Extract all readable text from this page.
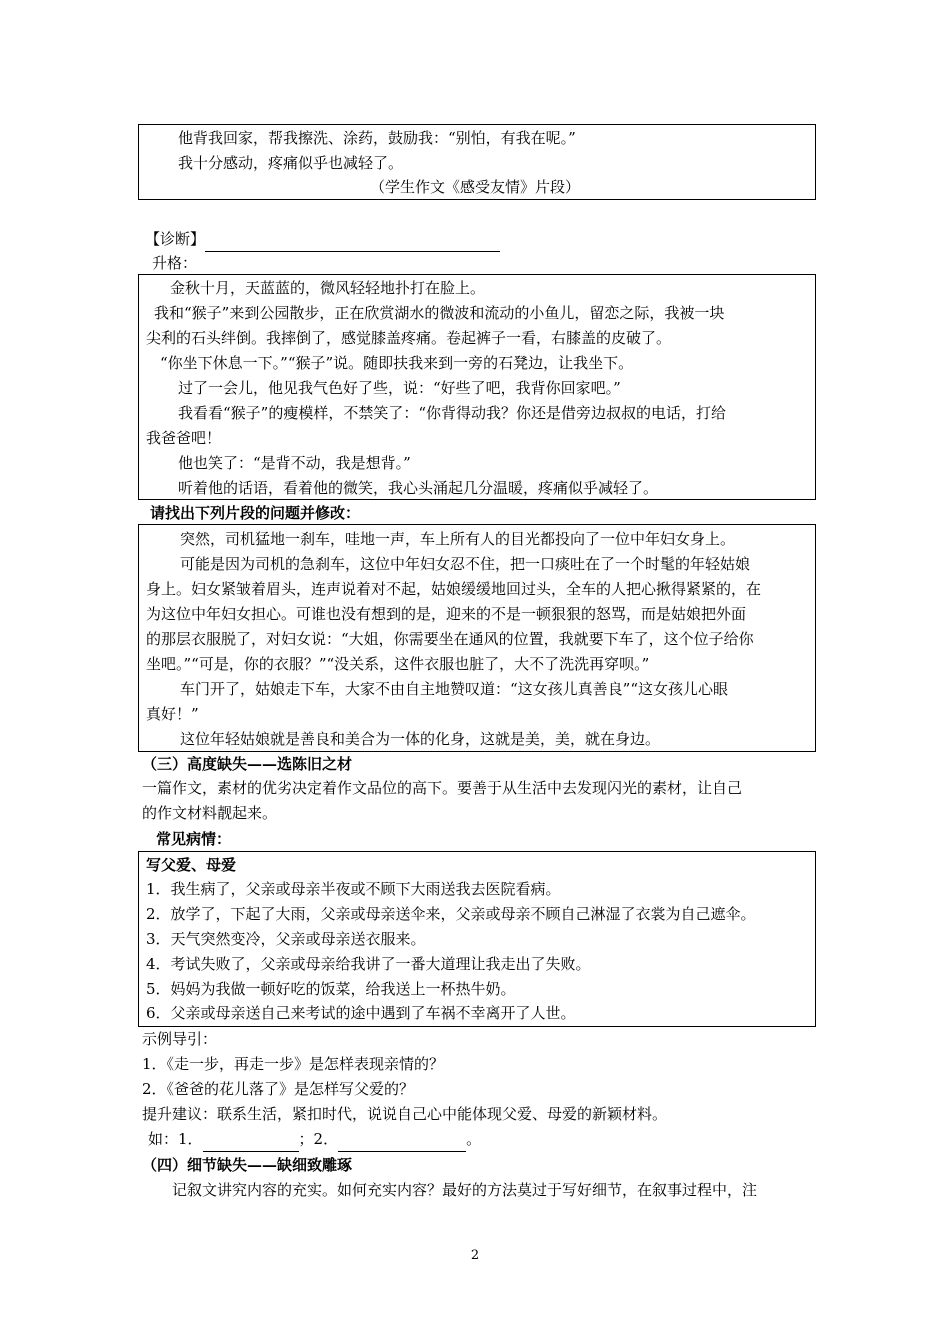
他背我回家，帮我擦洗、涂药，鼓励我：“别怕，有我在呢。”
我十分感动，疼痛似乎也减轻了。
（学生作文《感受友情》片段）
【诊断】
升格：
金秋十月，天蓝蓝的，微风轻轻地扑打在脸上。
我和“猴子”来到公园散步，正在欣赏湖水的微波和流动的小鱼儿，留恋之际，我被一块
尖利的石头绊倒。我摔倒了，感觉膝盖疼痛。卷起裤子一看，右膝盖的皮破了。
“你坐下休息一下。”“猴子”说。随即扶我来到一旁的石凳边，让我坐下。
过了一会儿，他见我气色好了些，说：“好些了吧，我背你回家吧。”
我看看“猴子”的瘦模样，不禁笑了：“你背得动我？你还是借旁边叔叔的电话，打给
我爸爸吧！
他也笑了：“是背不动，我是想背。”
听着他的话语，看着他的微笑，我心头涌起几分温暖，疼痛似乎减轻了。
请找出下列片段的问题并修改：
突然，司机猛地一刹车，哇地一声，车上所有人的目光都投向了一位中年妇女身上。
可能是因为司机的急刹车，这位中年妇女忍不住，把一口痰吐在了一个时髦的年轻姑娘
身上。妇女紧皱着眉头，连声说着对不起，姑娘缓缓地回过头，全车的人把心揪得紧紧的，在
为这位中年妇女担心。可谁也没有想到的是，迎来的不是一顿狠狠的怒骂，而是姑娘把外面
的那层衣服脱了，对妇女说：“大姐，你需要坐在通风的位置，我就要下车了，这个位子给你
坐吧。”“可是，你的衣服？”“没关系，这件衣服也脏了，大不了洗洗再穿呗。”
车门开了，姑娘走下车，大家不由自主地赞叹道：“这女孩儿真善良”“这女孩儿心眼
真好！”
这位年轻姑娘就是善良和美合为一体的化身，这就是美，美，就在身边。
（三）高度缺失——选陈旧之材
一篇作文，素材的优劣决定着作文品位的高下。要善于从生活中去发现闪光的素材，让自己
的作文材料靓起来。
常见病情：
写父爱、母爱
1．我生病了，父亲或母亲半夜或不顾下大雨送我去医院看病。
2．放学了，下起了大雨，父亲或母亲送伞来，父亲或母亲不顾自己淋湿了衣裳为自己遮伞。
3．天气突然变冷，父亲或母亲送衣服来。
4．考试失败了，父亲或母亲给我讲了一番大道理让我走出了失败。
5．妈妈为我做一顿好吃的饭菜，给我送上一杯热牛奶。
6．父亲或母亲送自己来考试的途中遇到了车祸不幸离开了人世。
示例导引：
1．《走一步，再走一步》是怎样表现亲情的？
2．《爸爸的花儿落了》是怎样写父爱的？
提升建议：联系生活，紧扣时代，说说自己心中能体现父爱、母爱的新颖材料。
如：1．	；2．	。
（四）细节缺失——缺细致雕琢
记叙文讲究内容的充实。如何充实内容？最好的方法莫过于写好细节，在叙事过程中，注
2
